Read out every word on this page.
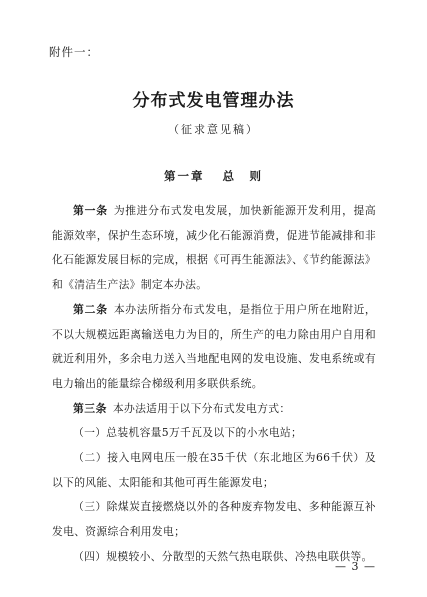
附件一：
分布式发电管理办法
（征求意见稿）
第一章 总　则

第一条 为推进分布式发电发展，加快新能源开发利用，提高能源效率，保护生态环境，减少化石能源消费，促进节能减排和非化石能源发展目标的完成，根据《可再生能源法》、《节约能源法》和《清洁生产法》制定本办法。

第二条 本办法所指分布式发电，是指位于用户所在地附近，不以大规模远距离输送电力为目的，所生产的电力除由用户自用和就近利用外，多余电力送入当地配电网的发电设施、发电系统或有电力输出的能量综合梯级利用多联供系统。

第三条 本办法适用于以下分布式发电方式：

（一）总装机容量5万千瓦及以下的小水电站；

（二）接入电网电压一般在35千伏（东北地区为66千伏）及以下的风能、太阳能和其他可再生能源发电；

（三）除煤炭直接燃烧以外的各种废弃物发电、多种能源互补发电、资源综合利用发电；

（四）规模较小、分散型的天然气热电联供、冷热电联供等。

— 3 —
